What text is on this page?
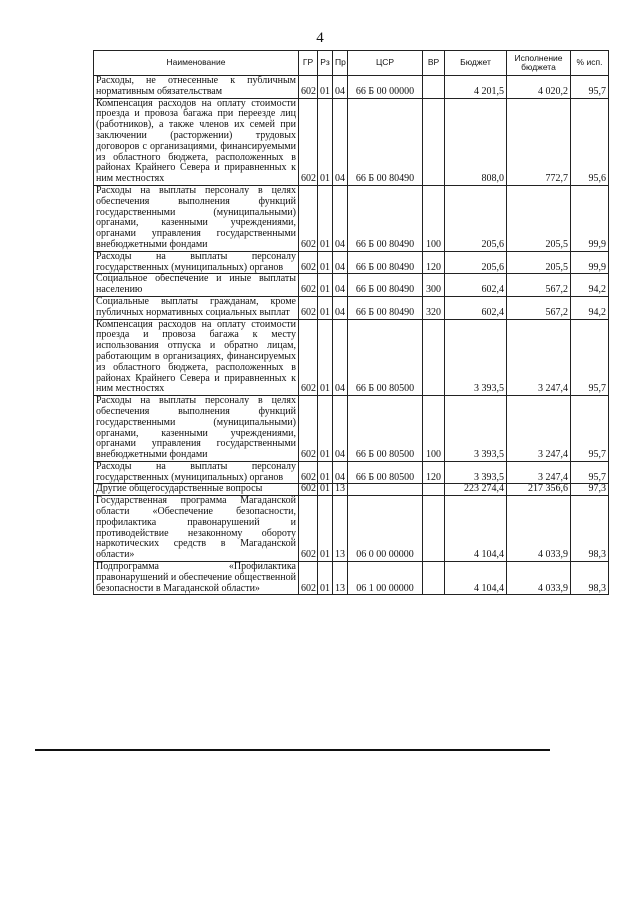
4
Наименование	ГР	Рз	Пр	ЦСР	ВР	Бюджет	Исполнение бюджета	% исп.
Расходы, не отнесенные к публичным нормативным обязательствам	602	01	04	66 Б 00 00000		4 201,5	4 020,2	95,7
Компенсация расходов на оплату стоимости проезда и провоза багажа при переезде лиц (работников), а также членов их семей при заключении (расторжении) трудовых договоров с организациями, финансируемыми из областного бюджета, расположенных в районах Крайнего Севера и приравненных к ним местностях	602	01	04	66 Б 00 80490		808,0	772,7	95,6
Расходы на выплаты персоналу в целях обеспечения выполнения функций государственными (муниципальными) органами, казенными учреждениями, органами управления государственными внебюджетными фондами	602	01	04	66 Б 00 80490	100	205,6	205,5	99,9
Расходы на выплаты персоналу государственных (муниципальных) органов	602	01	04	66 Б 00 80490	120	205,6	205,5	99,9
Социальное обеспечение и иные выплаты населению	602	01	04	66 Б 00 80490	300	602,4	567,2	94,2
Социальные выплаты гражданам, кроме публичных нормативных социальных выплат	602	01	04	66 Б 00 80490	320	602,4	567,2	94,2
Компенсация расходов на оплату стоимости проезда и провоза багажа к месту использования отпуска и обратно лицам, работающим в организациях, финансируемых из областного бюджета, расположенных в районах Крайнего Севера и приравненных к ним местностях	602	01	04	66 Б 00 80500		3 393,5	3 247,4	95,7
Расходы на выплаты персоналу в целях обеспечения выполнения функций государственными (муниципальными) органами, казенными учреждениями, органами управления государственными внебюджетными фондами	602	01	04	66 Б 00 80500	100	3 393,5	3 247,4	95,7
Расходы на выплаты персоналу государственных (муниципальных) органов	602	01	04	66 Б 00 80500	120	3 393,5	3 247,4	95,7
Другие общегосударственные вопросы	602	01	13			223 274,4	217 356,6	97,3
Государственная программа Магаданской области «Обеспечение безопасности, профилактика правонарушений и противодействие незаконному обороту наркотических средств в Магаданской области»	602	01	13	06 0 00 00000		4 104,4	4 033,9	98,3
Подпрограмма «Профилактика правонарушений и обеспечение общественной безопасности в Магаданской области»	602	01	13	06 1 00 00000		4 104,4	4 033,9	98,3
